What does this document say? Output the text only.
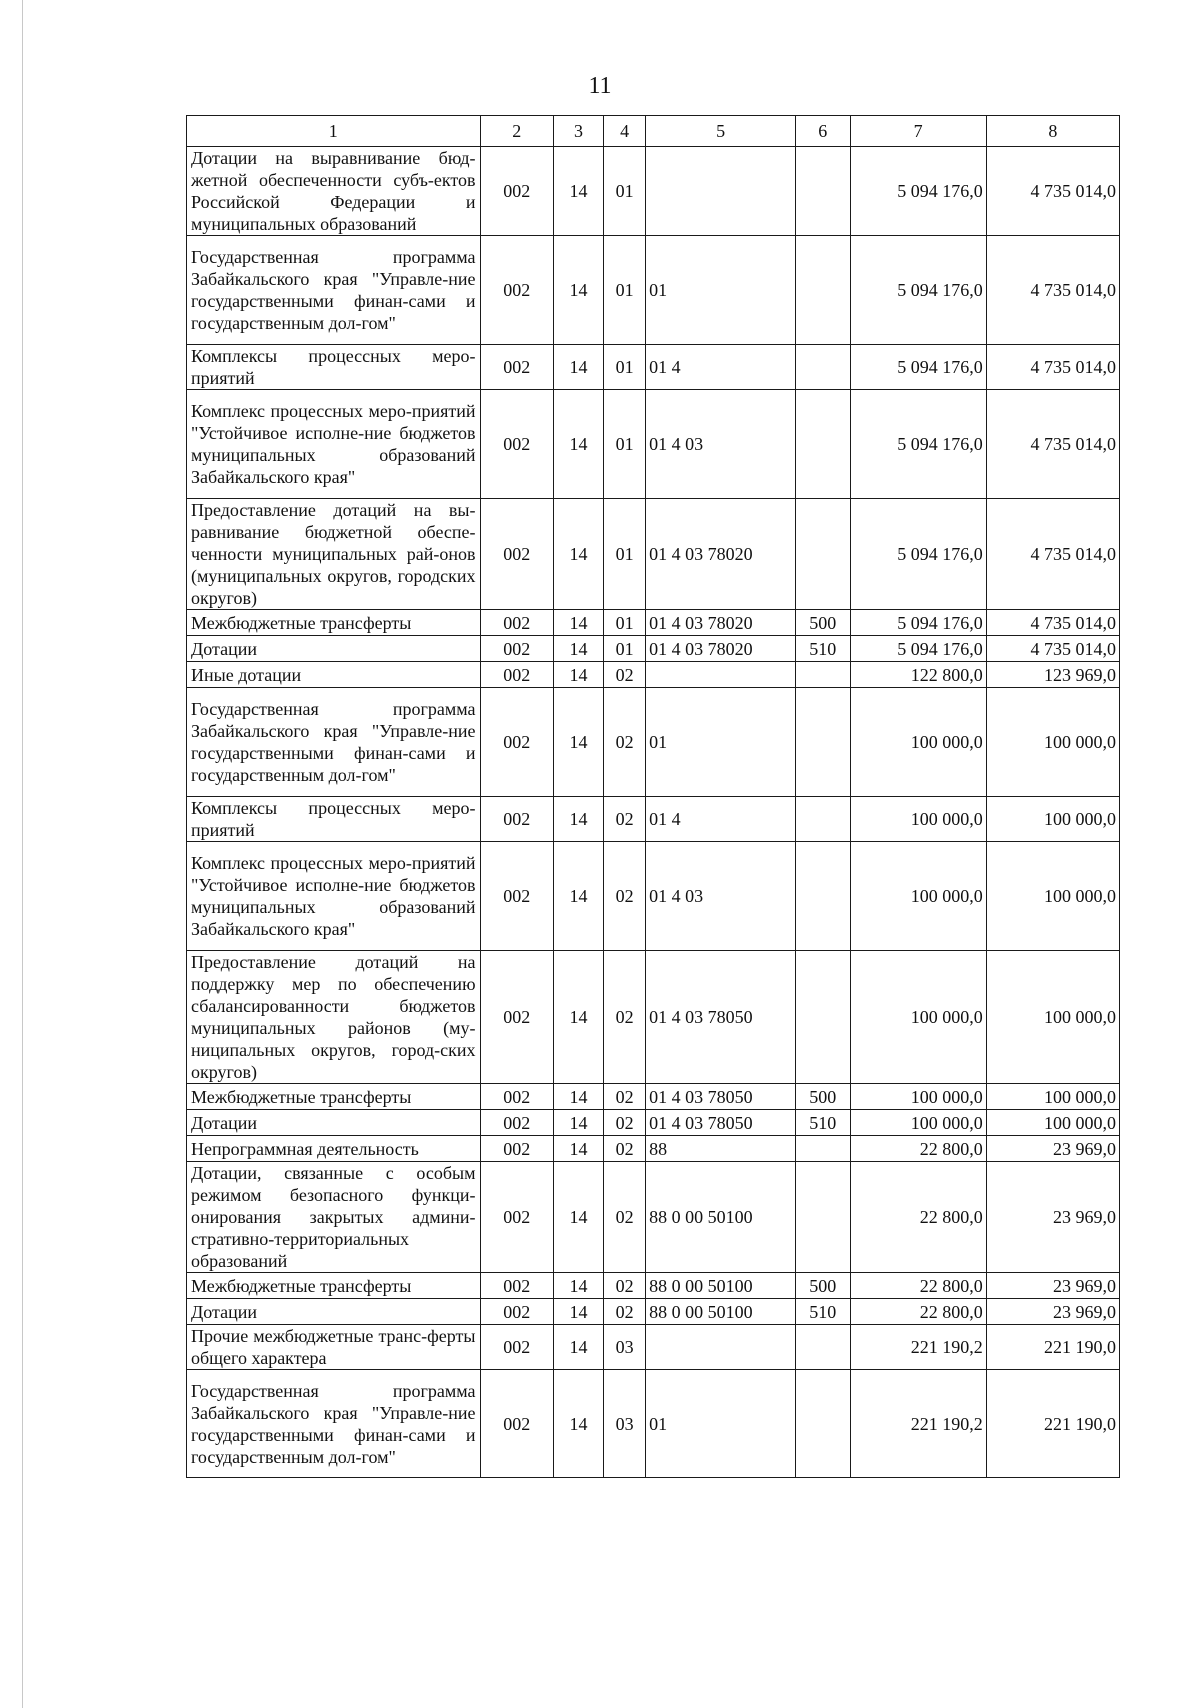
11
1	2	3	4	5	6	7	8
Дотации на выравнивание бюд-жетной обеспеченности субъ-ектов Российской Федерации и муниципальных образований	002	14	01			5 094 176,0	4 735 014,0
Государственная программа Забайкальского края "Управле-ние государственными финан-сами и государственным дол-гом"	002	14	01	01		5 094 176,0	4 735 014,0
Комплексы процессных меро-приятий	002	14	01	01 4		5 094 176,0	4 735 014,0
Комплекс процессных меро-приятий "Устойчивое исполне-ние бюджетов муниципальных образований Забайкальского края"	002	14	01	01 4 03		5 094 176,0	4 735 014,0
Предоставление дотаций на вы-равнивание бюджетной обеспе-ченности муниципальных рай-онов (муниципальных округов, городских округов)	002	14	01	01 4 03 78020		5 094 176,0	4 735 014,0
Межбюджетные трансферты	002	14	01	01 4 03 78020	500	5 094 176,0	4 735 014,0
Дотации	002	14	01	01 4 03 78020	510	5 094 176,0	4 735 014,0
Иные дотации	002	14	02			122 800,0	123 969,0
Государственная программа Забайкальского края "Управле-ние государственными финан-сами и государственным дол-гом"	002	14	02	01		100 000,0	100 000,0
Комплексы процессных меро-приятий	002	14	02	01 4		100 000,0	100 000,0
Комплекс процессных меро-приятий "Устойчивое исполне-ние бюджетов муниципальных образований Забайкальского края"	002	14	02	01 4 03		100 000,0	100 000,0
Предоставление дотаций на поддержку мер по обеспечению сбалансированности бюджетов муниципальных районов (му-ниципальных округов, город-ских округов)	002	14	02	01 4 03 78050		100 000,0	100 000,0
Межбюджетные трансферты	002	14	02	01 4 03 78050	500	100 000,0	100 000,0
Дотации	002	14	02	01 4 03 78050	510	100 000,0	100 000,0
Непрограммная деятельность	002	14	02	88		22 800,0	23 969,0
Дотации, связанные с особым режимом безопасного функци-онирования закрытых админи-стративно-территориальных образований	002	14	02	88 0 00 50100		22 800,0	23 969,0
Межбюджетные трансферты	002	14	02	88 0 00 50100	500	22 800,0	23 969,0
Дотации	002	14	02	88 0 00 50100	510	22 800,0	23 969,0
Прочие межбюджетные транс-ферты общего характера	002	14	03			221 190,2	221 190,0
Государственная программа Забайкальского края "Управле-ние государственными финан-сами и государственным дол-гом"	002	14	03	01		221 190,2	221 190,0
